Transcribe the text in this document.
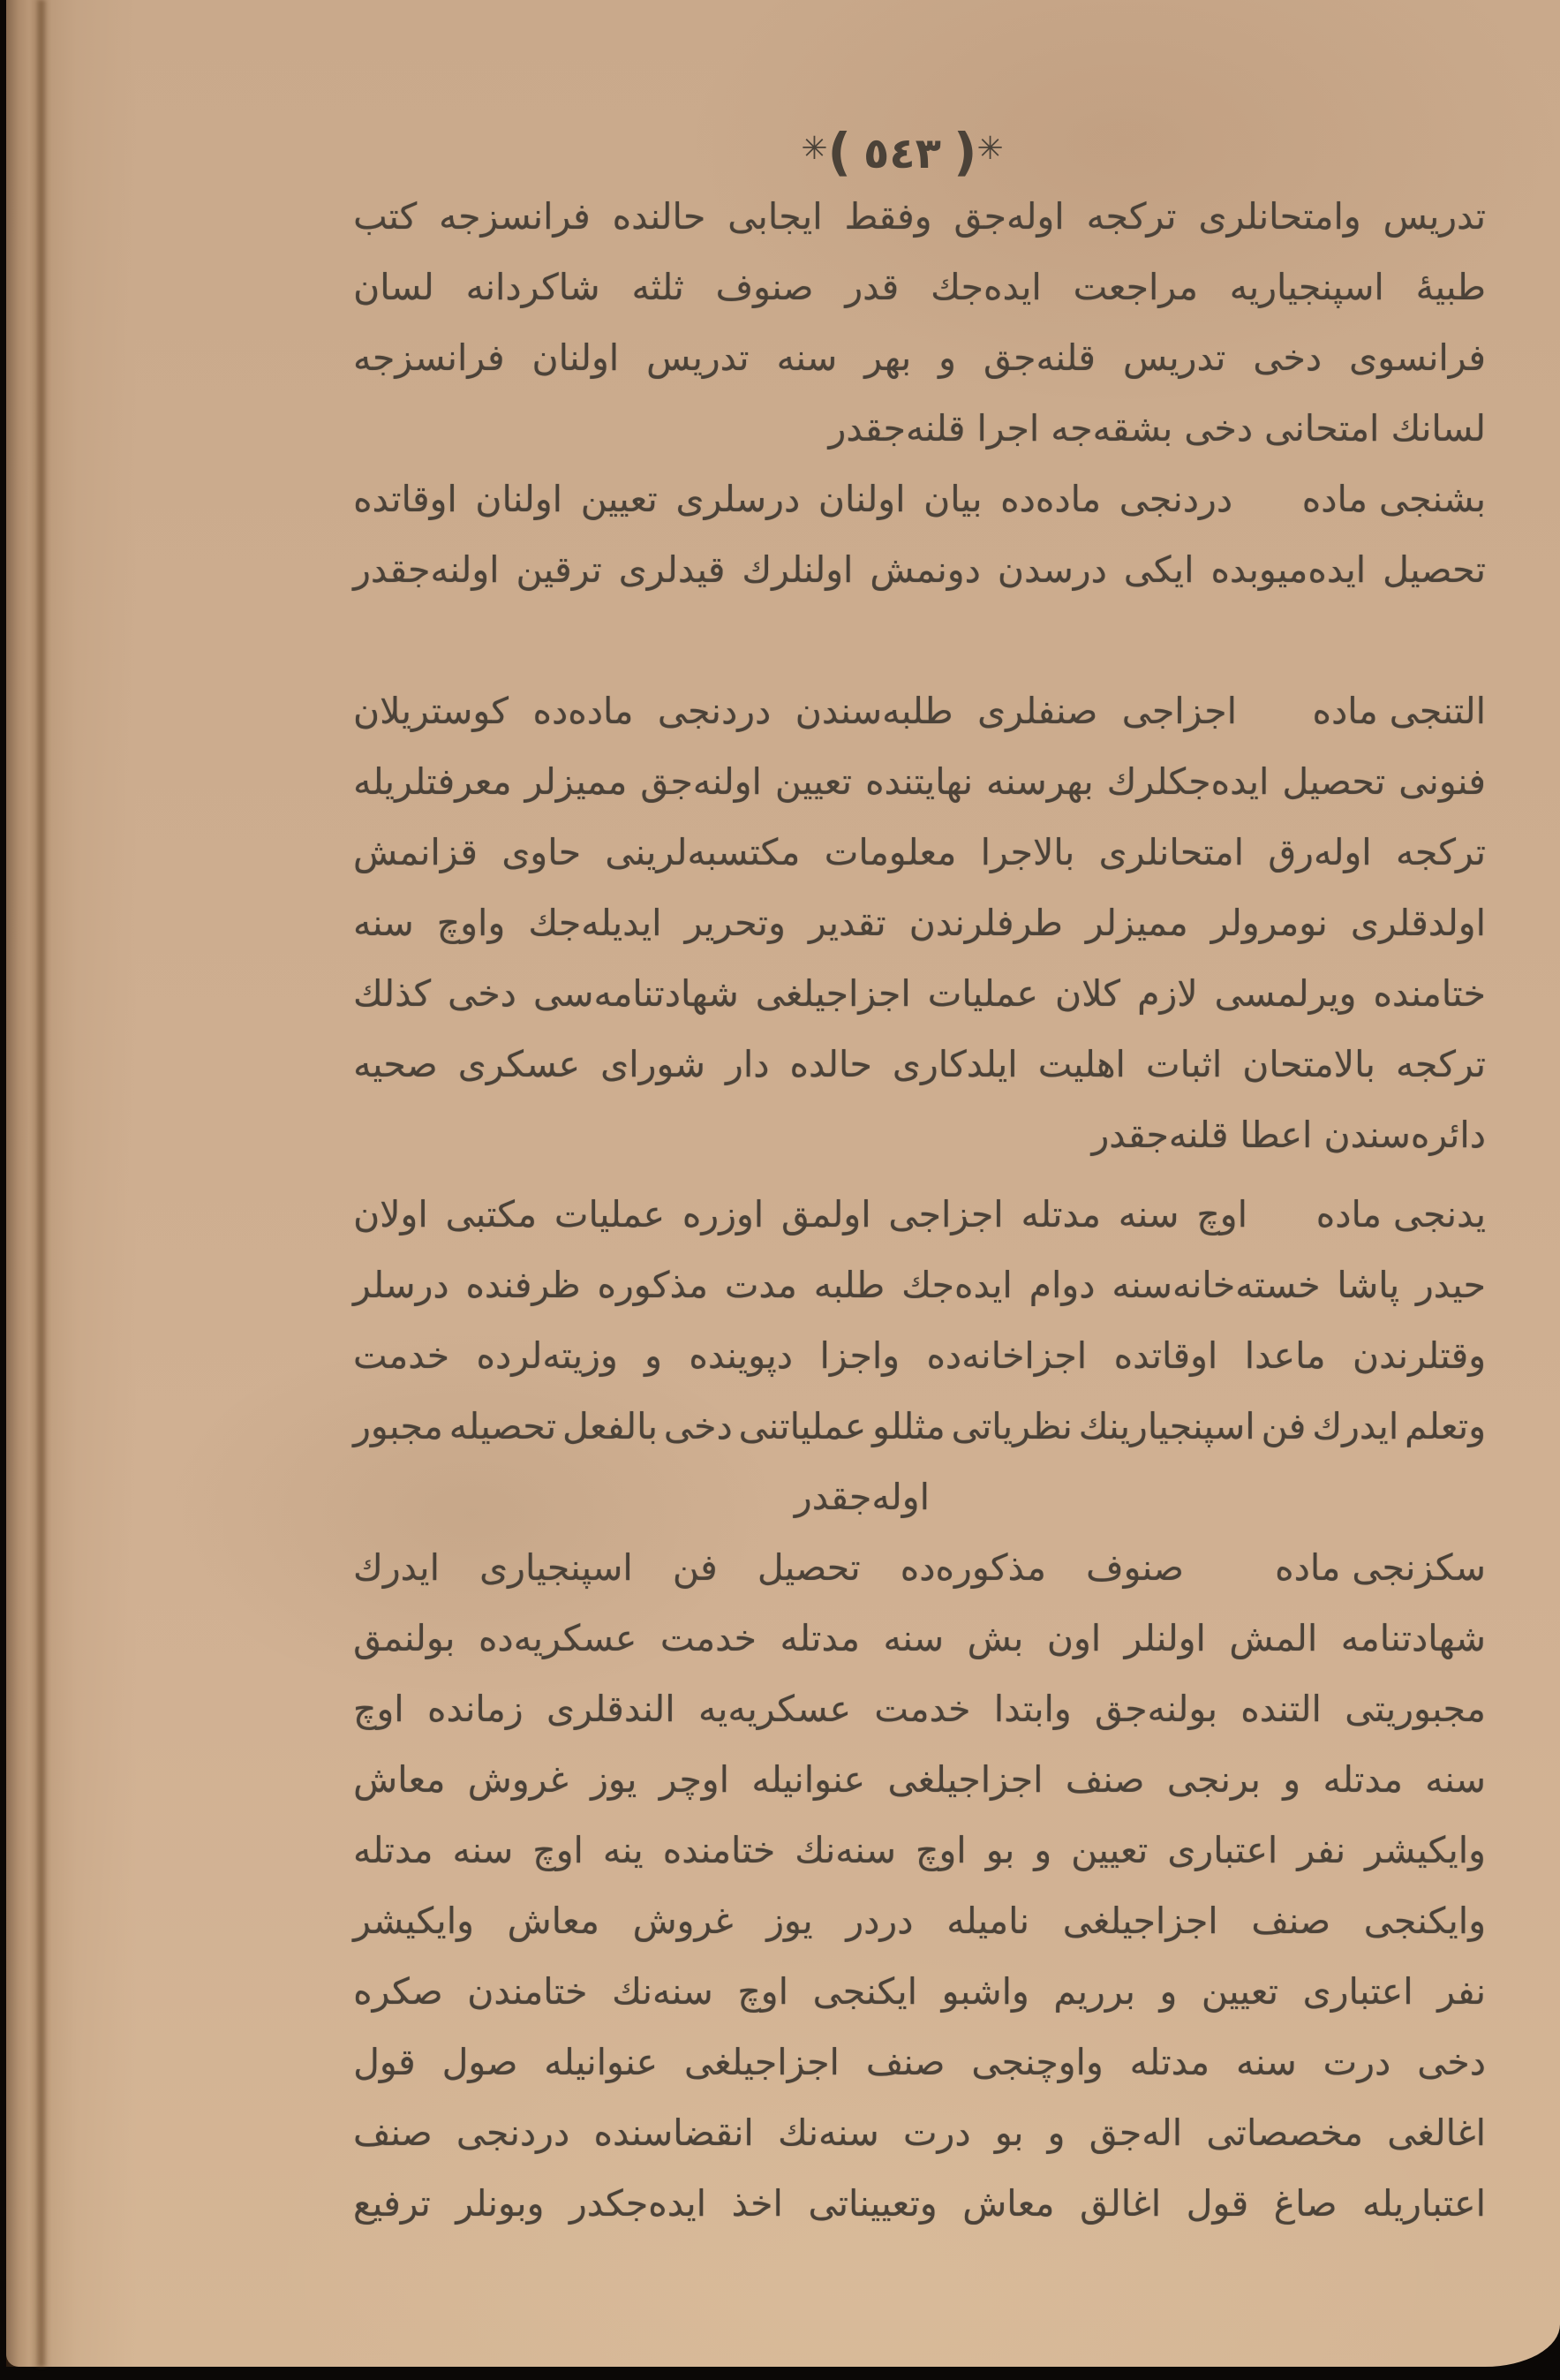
✳( ٥٤٣ )✳
تدريس
وامتحانلرى
تركجه
اوله‌جق
وفقط
ايجابى
حالنده
فرانسزجه
كتب
طبيهٔ
اسپنجياريه
مراجعت
ايده‌جك
قدر
صنوف
ثلثه
شاكردانه
لسان
فرانسوى
دخى
تدريس
قلنه‌جق
و
بهر
سنه
تدريس
اولنان
فرانسزجه
لسانك امتحانى دخى بشقه‌جه اجرا قلنه‌جقدر
بشنجى ماده
دردنجى
ماده‌ده
بيان
اولنان
درسلرى
تعيين
اولنان
اوقاتده
تحصيل
ايده‌ميوبده
ايكى
درسدن
دونمش
اولنلرك
قيدلرى
ترقين
اولنه‌جقدر
التنجى ماده
اجزاجى
صنفلرى
طلبه‌سندن
دردنجى
ماده‌ده
كوستريلان
فنونى
تحصيل
ايده‌جكلرك
بهرسنه
نهايتنده
تعيين
اولنه‌جق
مميزلر
معرفتلريله
تركجه
اوله‌رق
امتحانلرى
بالاجرا
معلومات
مكتسبه‌لرينى
حاوى
قزانمش
اولدقلرى
نومرولر
مميزلر
طرفلرندن
تقدير
وتحرير
ايديله‌جك
واوچ
سنه
ختامنده
ويرلمسى
لازم
كلان
عمليات
اجزاجيلغى
شهادتنامه‌سى
دخى
كذلك
تركجه
بالامتحان
اثبات
اهليت
ايلدكارى
حالده
دار
شوراى
عسكرى
صحيه
دائره‌سندن اعطا قلنه‌جقدر
يدنجى ماده
اوچ
سنه
مدتله
اجزاجى
اولمق
اوزره
عمليات
مكتبى
اولان
حيدر
پاشا
خسته‌خانه‌سنه
دوام
ايده‌جك
طلبه
مدت
مذكوره
ظرفنده
درسلر
وقتلرندن
ماعدا
اوقاتده
اجزاخانه‌ده
واجزا
دپوينده
و
وزيته‌لرده
خدمت
وتعلم
ايدرك
فن
اسپنجيارينك
نظرياتى
مثللو
عملياتنى
دخى
بالفعل
تحصيله
مجبور
اوله‌جقدر
سكزنجى ماده
صنوف
مذكوره‌ده
تحصيل
فن
اسپنجيارى
ايدرك
شهادتنامه
المش
اولنلر
اون
بش
سنه
مدتله
خدمت
عسكريه‌ده
بولنمق
مجبوريتى
التنده
بولنه‌جق
وابتدا
خدمت
عسكريه‌يه
الندقلرى
زمانده
اوچ
سنه
مدتله
و
برنجى
صنف
اجزاجيلغى
عنوانيله
اوچر
يوز
غروش
معاش
وايكيشر
نفر
اعتبارى
تعيين
و
بو
اوچ
سنه‌نك
ختامنده
ينه
اوچ
سنه
مدتله
وايكنجى
صنف
اجزاجيلغى
ناميله
دردر
يوز
غروش
معاش
وايكيشر
نفر
اعتبارى
تعيين
و
برريم
واشبو
ايكنجى
اوچ
سنه‌نك
ختامندن
صكره
دخى
درت
سنه
مدتله
واوچنجى
صنف
اجزاجيلغى
عنوانيله
صول
قول
اغالغى
مخصصاتى
اله‌جق
و
بو
درت
سنه‌نك
انقضاسنده
دردنجى
صنف
اعتباريله
صاغ
قول
اغالق
معاش
وتعييناتى
اخذ
ايده‌جكدر
وبونلر
ترفيع
